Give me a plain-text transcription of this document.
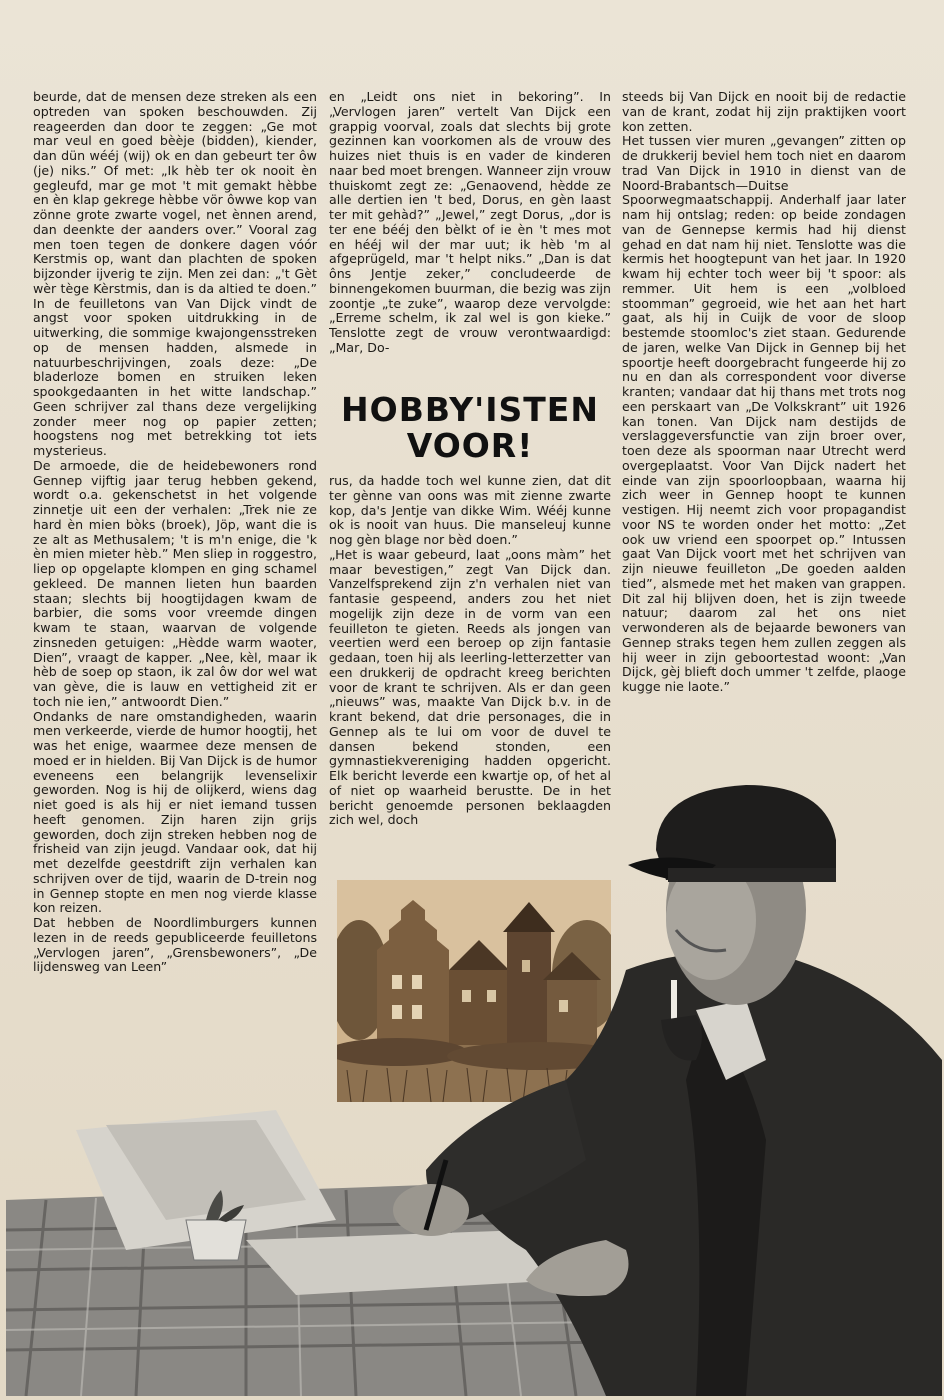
beurde, dat de mensen deze streken als een optreden van spoken beschouwden. Zij reageerden dan door te zeggen: „Ge mot mar veul en goed bèèje (bidden), kiender, dan dün wééj (wij) ok en dan gebeurt ter ôw (je) niks.” Of met: „Ik hèb ter ok nooit èn gegleufd, mar ge mot 't mit gemakt hèbbe en èn klap gekrege hèbbe vör ôwwe kop van zönne grote zwarte vogel, net ènnen arend, dan deenkte der aanders over.” Vooral zag men toen tegen de donkere dagen vóór Kerstmis op, want dan plachten de spoken bijzonder ijverig te zijn. Men zei dan: „'t Gèt wèr tège Kèrstmis, dan is da altied te doen.” In de feuilletons van Van Dijck vindt de angst voor spoken uitdrukking in de uitwerking, die sommige kwajongensstreken op de mensen hadden, alsmede in natuurbeschrijvingen, zoals deze: „De bladerloze bomen en struiken leken spookgedaanten in het witte landschap.” Geen schrijver zal thans deze vergelijking zonder meer nog op papier zetten; hoogstens nog met betrekking tot iets mysterieus.

De armoede, die de heidebewoners rond Gennep vijftig jaar terug hebben gekend, wordt o.a. gekenschetst in het volgende zinnetje uit een der verhalen: „Trek nie ze hard èn mien bòks (broek), Jöp, want die is ze alt as Methusalem; 't is m'n enige, die 'k èn mien mieter hèb.” Men sliep in roggestro, liep op opgelapte klompen en ging schamel gekleed. De mannen lieten hun baarden staan; slechts bij hoogtijdagen kwam de barbier, die soms voor vreemde dingen kwam te staan, waarvan de volgende zinsneden getuigen: „Hèdde warm waoter, Dien”, vraagt de kapper. „Nee, kèl, maar ik hèb de soep op staon, ik zal ôw dor wel wat van gève, die is lauw en vettigheid zit er toch nie ien,” antwoordt Dien.”

Ondanks de nare omstandigheden, waarin men verkeerde, vierde de humor hoogtij, het was het enige, waarmee deze mensen de moed er in hielden. Bij Van Dijck is de humor eveneens een belangrijk levenselixir geworden. Nog is hij de olijkerd, wiens dag niet goed is als hij er niet iemand tussen heeft genomen. Zijn haren zijn grijs geworden, doch zijn streken hebben nog de frisheid van zijn jeugd. Vandaar ook, dat hij met dezelfde geestdrift zijn verhalen kan schrijven over de tijd, waarin de D-trein nog in Gennep stopte en men nog vierde klasse kon reizen.

Dat hebben de Noordlimburgers kunnen lezen in de reeds gepubliceerde feuilletons „Vervlogen jaren”, „Grensbewoners”, „De lijdensweg van Leen”

en „Leidt ons niet in bekoring”. In „Vervlogen jaren” vertelt Van Dijck een grappig voorval, zoals dat slechts bij grote gezinnen kan voorkomen als de vrouw des huizes niet thuis is en vader de kinderen naar bed moet brengen. Wanneer zijn vrouw thuiskomt zegt ze: „Genaovend, hèdde ze alle dertien ien 't bed, Dorus, en gèn laast ter mit gehàd?” „Jewel,” zegt Dorus, „dor is ter ene bééj den bèlkt of ie èn 't mes mot en hééj wil der mar uut; ik hèb 'm al afgeprügeld, mar 't helpt niks.” „Dan is dat ôns Jentje zeker,” concludeerde de binnengekomen buurman, die bezig was zijn zoontje „te zuke”, waarop deze vervolgde: „Erreme schelm, ik zal wel is gon kieke.” Tenslotte zegt de vrouw verontwaardigd: „Mar, Do-

HOBBY'ISTEN VOOR!

rus, da hadde toch wel kunne zien, dat dit ter gènne van oons was mit zienne zwarte kop, da's Jentje van dikke Wim. Wééj kunne ok is nooit van huus. Die manseleuj kunne nog gèn blage nor bèd doen.”

„Het is waar gebeurd, laat „oons màm” het maar bevestigen,” zegt Van Dijck dan. Vanzelfsprekend zijn z'n verhalen niet van fantasie gespeend, anders zou het niet mogelijk zijn deze in de vorm van een feuilleton te gieten. Reeds als jongen van veertien werd een beroep op zijn fantasie gedaan, toen hij als leerling-letterzetter van een drukkerij de opdracht kreeg berichten voor de krant te schrijven. Als er dan geen „nieuws” was, maakte Van Dijck b.v. in de krant bekend, dat drie personages, die in Gennep als te lui om voor de duvel te dansen bekend stonden, een gymnastiekvereniging hadden opgericht. Elk bericht leverde een kwartje op, of het al of niet op waarheid berustte. De in het bericht genoemde personen beklaagden zich wel, doch

steeds bij Van Dijck en nooit bij de redactie van de krant, zodat hij zijn praktijken voort kon zetten.

Het tussen vier muren „gevangen” zitten op de drukkerij beviel hem toch niet en daarom trad Van Dijck in 1910 in dienst van de Noord-Brabantsch—Duitse Spoorwegmaatschappij. Anderhalf jaar later nam hij ontslag; reden: op beide zondagen van de Gennepse kermis had hij dienst gehad en dat nam hij niet. Tenslotte was die kermis het hoogtepunt van het jaar. In 1920 kwam hij echter toch weer bij 't spoor: als remmer. Uit hem is een „volbloed stoomman” gegroeid, wie het aan het hart gaat, als hij in Cuijk de voor de sloop bestemde stoomloc's ziet staan. Gedurende de jaren, welke Van Dijck in Gennep bij het spoortje heeft doorgebracht fungeerde hij zo nu en dan als correspondent voor diverse kranten; vandaar dat hij thans met trots nog een perskaart van „De Volkskrant” uit 1926 kan tonen. Van Dijck nam destijds de verslaggeversfunctie van zijn broer over, toen deze als spoorman naar Utrecht werd overgeplaatst. Voor Van Dijck nadert het einde van zijn spoorloopbaan, waarna hij zich weer in Gennep hoopt te kunnen vestigen. Hij neemt zich voor propagandist voor NS te worden onder het motto: „Zet ook uw vriend een spoorpet op.” Intussen gaat Van Dijck voort met het schrijven van zijn nieuwe feuilleton „De goeden aalden tied”, alsmede met het maken van grappen. Dit zal hij blijven doen, het is zijn tweede natuur; daarom zal het ons niet verwonderen als de bejaarde bewoners van Gennep straks tegen hem zullen zeggen als hij weer in zijn geboortestad woont: „Van Dijck, gèj blieft doch ummer 't zelfde, plaoge kugge nie laote.”
